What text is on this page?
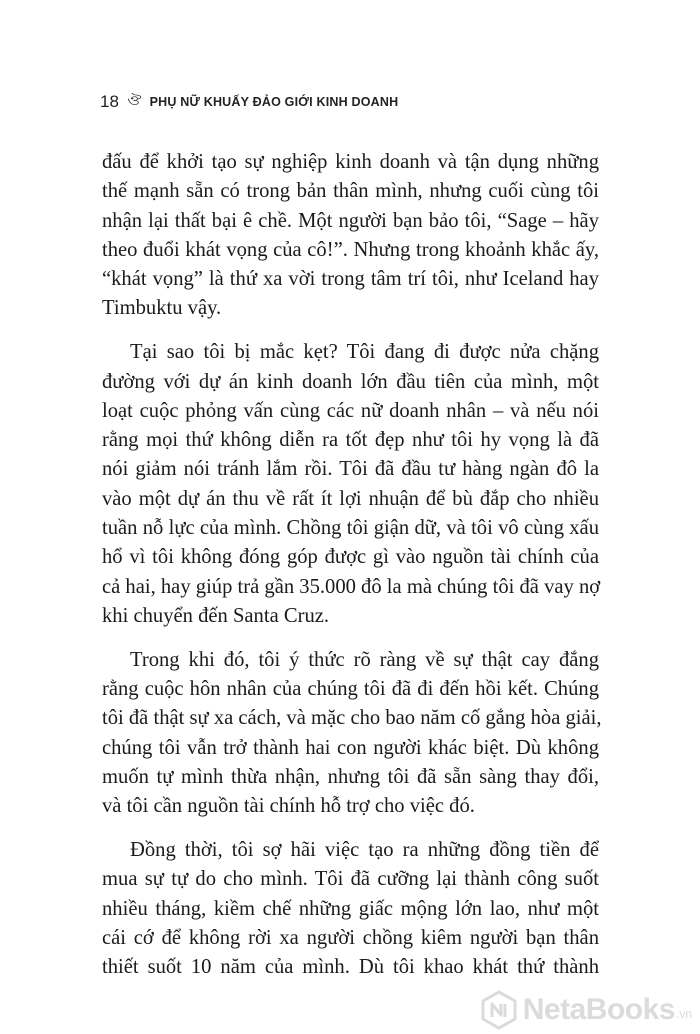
18 ঔ PHỤ NỮ KHUẤY ĐẢO GIỚI KINH DOANH

đấu để khởi tạo sự nghiệp kinh doanh và tận dụng những
thế mạnh sẵn có trong bản thân mình, nhưng cuối cùng tôi
nhận lại thất bại ê chề. Một người bạn bảo tôi, “Sage – hãy
theo đuổi khát vọng của cô!”. Nhưng trong khoảnh khắc ấy,
“khát vọng” là thứ xa vời trong tâm trí tôi, như Iceland hay
Timbuktu vậy.

Tại sao tôi bị mắc kẹt? Tôi đang đi được nửa chặng
đường với dự án kinh doanh lớn đầu tiên của mình, một
loạt cuộc phỏng vấn cùng các nữ doanh nhân – và nếu nói
rằng mọi thứ không diễn ra tốt đẹp như tôi hy vọng là đã
nói giảm nói tránh lắm rồi. Tôi đã đầu tư hàng ngàn đô la
vào một dự án thu về rất ít lợi nhuận để bù đắp cho nhiều
tuần nỗ lực của mình. Chồng tôi giận dữ, và tôi vô cùng xấu
hổ vì tôi không đóng góp được gì vào nguồn tài chính của
cả hai, hay giúp trả gần 35.000 đô la mà chúng tôi đã vay nợ
khi chuyển đến Santa Cruz.

Trong khi đó, tôi ý thức rõ ràng về sự thật cay đắng
rằng cuộc hôn nhân của chúng tôi đã đi đến hồi kết. Chúng
tôi đã thật sự xa cách, và mặc cho bao năm cố gắng hòa giải,
chúng tôi vẫn trở thành hai con người khác biệt. Dù không
muốn tự mình thừa nhận, nhưng tôi đã sẵn sàng thay đổi,
và tôi cần nguồn tài chính hỗ trợ cho việc đó.

Đồng thời, tôi sợ hãi việc tạo ra những đồng tiền để
mua sự tự do cho mình. Tôi đã cưỡng lại thành công suốt
nhiều tháng, kiềm chế những giấc mộng lớn lao, như một
cái cớ để không rời xa người chồng kiêm người bạn thân
thiết suốt 10 năm của mình. Dù tôi khao khát thứ thành

NetaBooks .vn
